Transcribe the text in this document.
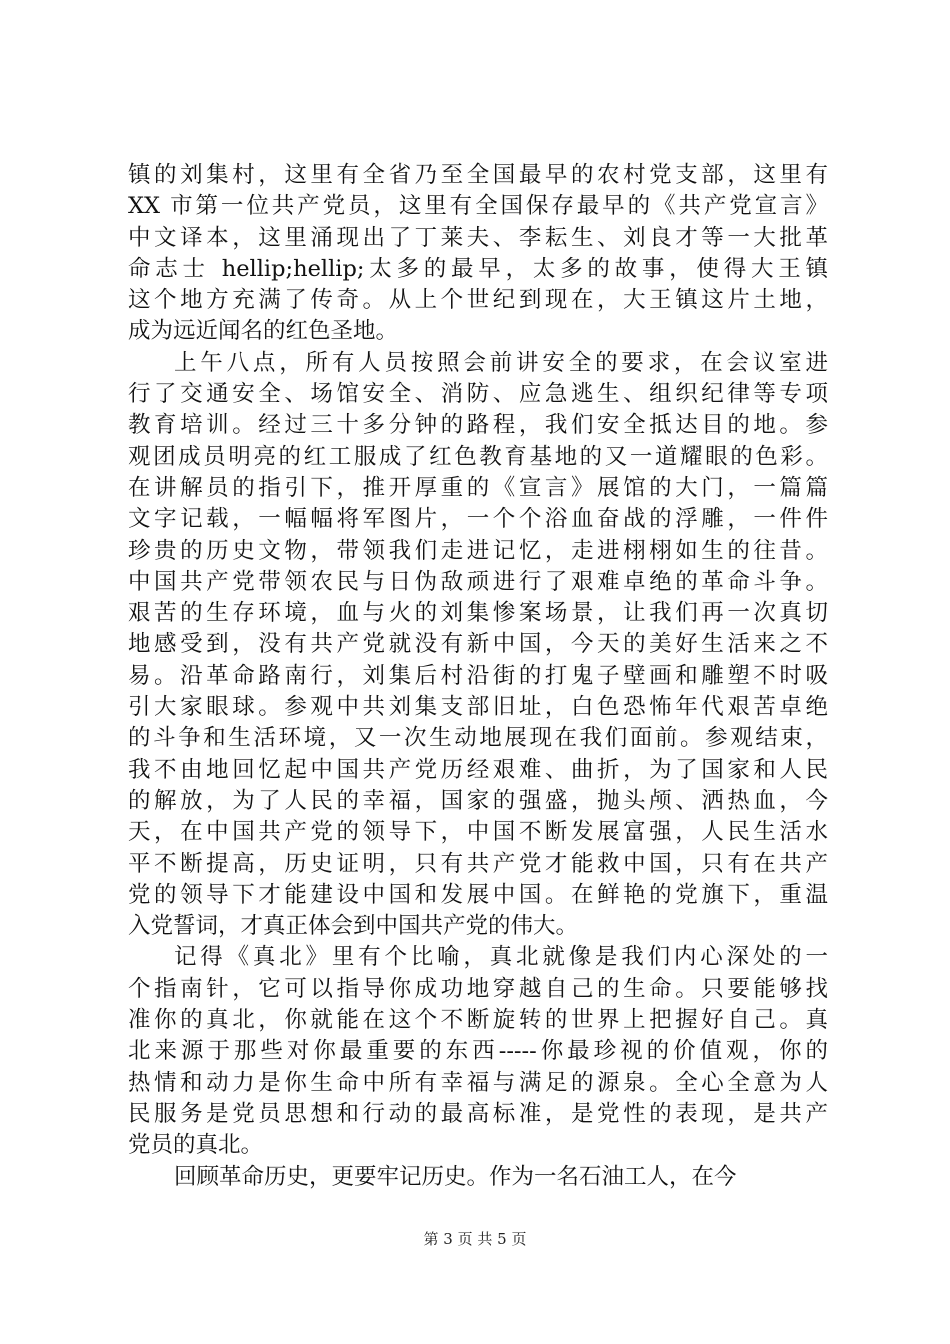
镇的刘集村，这里有全省乃至全国最早的农村党支部，这里有
XX 市第一位共产党员，这里有全国保存最早的《共产党宣言》
中文译本，这里涌现出了丁莱夫、李耘生、刘良才等一大批革
命志士 hellip;hellip;太多的最早，太多的故事，使得大王镇
这个地方充满了传奇。从上个世纪到现在，大王镇这片土地，
成为远近闻名的红色圣地。
上午八点，所有人员按照会前讲安全的要求，在会议室进
行了交通安全、场馆安全、消防、应急逃生、组织纪律等专项
教育培训。经过三十多分钟的路程，我们安全抵达目的地。参
观团成员明亮的红工服成了红色教育基地的又一道耀眼的色彩。
在讲解员的指引下，推开厚重的《宣言》展馆的大门，一篇篇
文字记载，一幅幅将军图片，一个个浴血奋战的浮雕，一件件
珍贵的历史文物，带领我们走进记忆，走进栩栩如生的往昔。
中国共产党带领农民与日伪敌顽进行了艰难卓绝的革命斗争。
艰苦的生存环境，血与火的刘集惨案场景，让我们再一次真切
地感受到，没有共产党就没有新中国，今天的美好生活来之不
易。沿革命路南行，刘集后村沿街的打鬼子壁画和雕塑不时吸
引大家眼球。参观中共刘集支部旧址，白色恐怖年代艰苦卓绝
的斗争和生活环境，又一次生动地展现在我们面前。参观结束，
我不由地回忆起中国共产党历经艰难、曲折，为了国家和人民
的解放，为了人民的幸福，国家的强盛，抛头颅、洒热血，今
天，在中国共产党的领导下，中国不断发展富强，人民生活水
平不断提高，历史证明，只有共产党才能救中国，只有在共产
党的领导下才能建设中国和发展中国。在鲜艳的党旗下，重温
入党誓词，才真正体会到中国共产党的伟大。
记得《真北》里有个比喻，真北就像是我们内心深处的一
个指南针，它可以指导你成功地穿越自己的生命。只要能够找
准你的真北，你就能在这个不断旋转的世界上把握好自己。真
北来源于那些对你最重要的东西-----你最珍视的价值观，你的
热情和动力是你生命中所有幸福与满足的源泉。全心全意为人
民服务是党员思想和行动的最高标准，是党性的表现，是共产
党员的真北。
回顾革命历史，更要牢记历史。作为一名石油工人，在今
第 3 页 共 5 页
